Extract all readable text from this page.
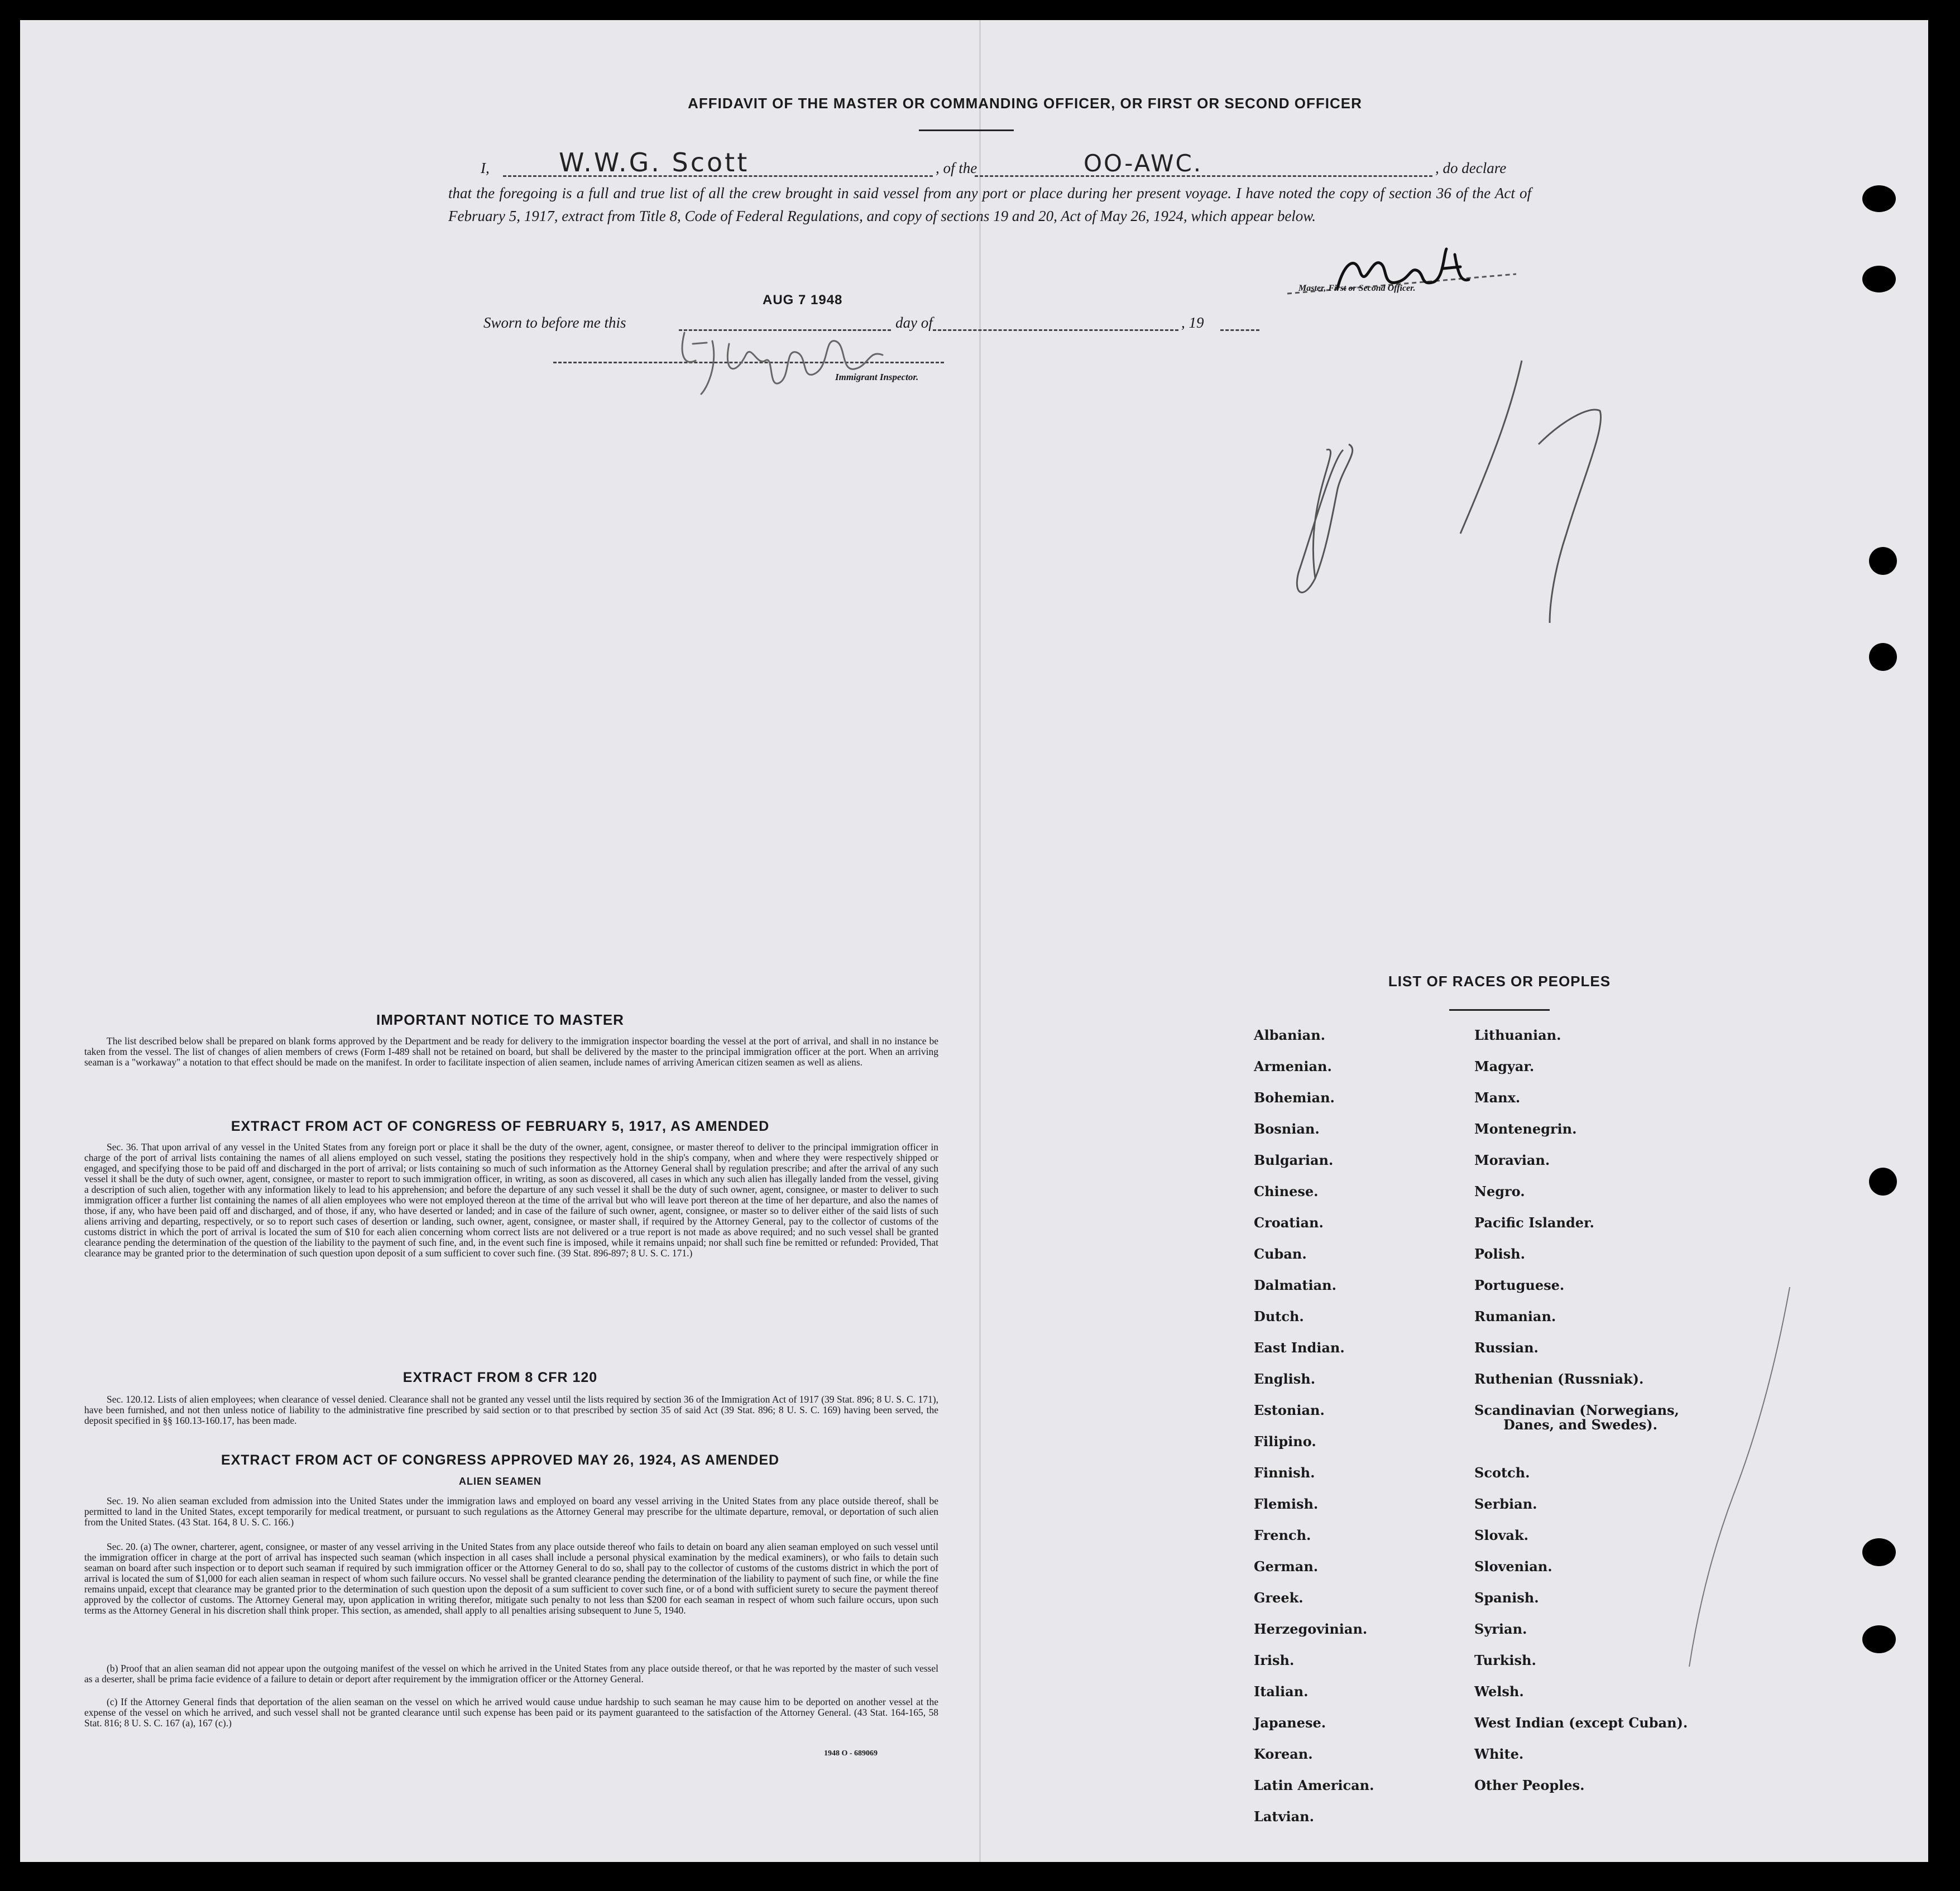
AFFIDAVIT OF THE MASTER OR COMMANDING OFFICER, OR FIRST OR SECOND OFFICER
I,	W.W.G. Scott	, of the	OO-AWC.	, do declare
that the foregoing is a full and true list of all the crew brought in said vessel from any port or place during her present voyage. I have noted the copy of section 36 of the Act of February 5, 1917, extract from Title 8, Code of Federal Regulations, and copy of sections 19 and 20, Act of May 26, 1924, which appear below.
Master, First or Second Officer.
Sworn to before me this
AUG 7 1948
day of	, 19
Immigrant Inspector.
IMPORTANT NOTICE TO MASTER

The list described below shall be prepared on blank forms approved by the Department and be ready for delivery to the immigration inspector boarding the vessel at the port of arrival, and shall in no instance be taken from the vessel. The list of changes of alien members of crews (Form I-489 shall not be retained on board, but shall be delivered by the master to the principal immigration officer at the port. When an arriving seaman is a "workaway" a notation to that effect should be made on the manifest. In order to facilitate inspection of alien seamen, include names of arriving American citizen seamen as well as aliens.

EXTRACT FROM ACT OF CONGRESS OF FEBRUARY 5, 1917, AS AMENDED

Sec. 36. That upon arrival of any vessel in the United States from any foreign port or place it shall be the duty of the owner, agent, consignee, or master thereof to deliver to the principal immigration officer in charge of the port of arrival lists containing the names of all aliens employed on such vessel, stating the positions they respectively hold in the ship's company, when and where they were respectively shipped or engaged, and specifying those to be paid off and discharged in the port of arrival; or lists containing so much of such information as the Attorney General shall by regulation prescribe; and after the arrival of any such vessel it shall be the duty of such owner, agent, consignee, or master to report to such immigration officer, in writing, as soon as discovered, all cases in which any such alien has illegally landed from the vessel, giving a description of such alien, together with any information likely to lead to his apprehension; and before the departure of any such vessel it shall be the duty of such owner, agent, consignee, or master to deliver to such immigration officer a further list containing the names of all alien employees who were not employed thereon at the time of the arrival but who will leave port thereon at the time of her departure, and also the names of those, if any, who have been paid off and discharged, and of those, if any, who have deserted or landed; and in case of the failure of such owner, agent, consignee, or master so to deliver either of the said lists of such aliens arriving and departing, respectively, or so to report such cases of desertion or landing, such owner, agent, consignee, or master shall, if required by the Attorney General, pay to the collector of customs of the customs district in which the port of arrival is located the sum of $10 for each alien concerning whom correct lists are not delivered or a true report is not made as above required; and no such vessel shall be granted clearance pending the determination of the question of the liability to the payment of such fine, and, in the event such fine is imposed, while it remains unpaid; nor shall such fine be remitted or refunded: Provided, That clearance may be granted prior to the determination of such question upon deposit of a sum sufficient to cover such fine. (39 Stat. 896-897; 8 U. S. C. 171.)

EXTRACT FROM 8 CFR 120

Sec. 120.12. Lists of alien employees; when clearance of vessel denied. Clearance shall not be granted any vessel until the lists required by section 36 of the Immigration Act of 1917 (39 Stat. 896; 8 U. S. C. 171), have been furnished, and not then unless notice of liability to the administrative fine prescribed by said section or to that prescribed by section 35 of said Act (39 Stat. 896; 8 U. S. C. 169) having been served, the deposit specified in §§ 160.13-160.17, has been made.

EXTRACT FROM ACT OF CONGRESS APPROVED MAY 26, 1924, AS AMENDED
ALIEN SEAMEN

Sec. 19. No alien seaman excluded from admission into the United States under the immigration laws and employed on board any vessel arriving in the United States from any place outside thereof, shall be permitted to land in the United States, except temporarily for medical treatment, or pursuant to such regulations as the Attorney General may prescribe for the ultimate departure, removal, or deportation of such alien from the United States. (43 Stat. 164, 8 U. S. C. 166.)

Sec. 20. (a) The owner, charterer, agent, consignee, or master of any vessel arriving in the United States from any place outside thereof who fails to detain on board any alien seaman employed on such vessel until the immigration officer in charge at the port of arrival has inspected such seaman (which inspection in all cases shall include a personal physical examination by the medical examiners), or who fails to detain such seaman on board after such inspection or to deport such seaman if required by such immigration officer or the Attorney General to do so, shall pay to the collector of customs of the customs district in which the port of arrival is located the sum of $1,000 for each alien seaman in respect of whom such failure occurs. No vessel shall be granted clearance pending the determination of the liability to payment of such fine, or while the fine remains unpaid, except that clearance may be granted prior to the determination of such question upon the deposit of a sum sufficient to cover such fine, or of a bond with sufficient surety to secure the payment thereof approved by the collector of customs. The Attorney General may, upon application in writing therefor, mitigate such penalty to not less than $200 for each seaman in respect of whom such failure occurs, upon such terms as the Attorney General in his discretion shall think proper. This section, as amended, shall apply to all penalties arising subsequent to June 5, 1940.

(b) Proof that an alien seaman did not appear upon the outgoing manifest of the vessel on which he arrived in the United States from any place outside thereof, or that he was reported by the master of such vessel as a deserter, shall be prima facie evidence of a failure to detain or deport after requirement by the immigration officer or the Attorney General.

(c) If the Attorney General finds that deportation of the alien seaman on the vessel on which he arrived would cause undue hardship to such seaman he may cause him to be deported on another vessel at the expense of the vessel on which he arrived, and such vessel shall not be granted clearance until such expense has been paid or its payment guaranteed to the satisfaction of the Attorney General. (43 Stat. 164-165, 58 Stat. 816; 8 U. S. C. 167 (a), 167 (c).)

1948 O - 689069
LIST OF RACES OR PEOPLES
Albanian.
Armenian.
Bohemian.
Bosnian.
Bulgarian.
Chinese.
Croatian.
Cuban.
Dalmatian.
Dutch.
East Indian.
English.
Estonian.
Filipino.
Finnish.
Flemish.
French.
German.
Greek.
Herzegovinian.
Irish.
Italian.
Japanese.
Korean.
Latin American.
Latvian.
Lithuanian.
Magyar.
Manx.
Montenegrin.
Moravian.
Negro.
Pacific Islander.
Polish.
Portuguese.
Rumanian.
Russian.
Ruthenian (Russniak).
Scandinavian (Norwegians,
Danes, and Swedes).
Scotch.
Serbian.
Slovak.
Slovenian.
Spanish.
Syrian.
Turkish.
Welsh.
West Indian (except Cuban).
White.
Other Peoples.
